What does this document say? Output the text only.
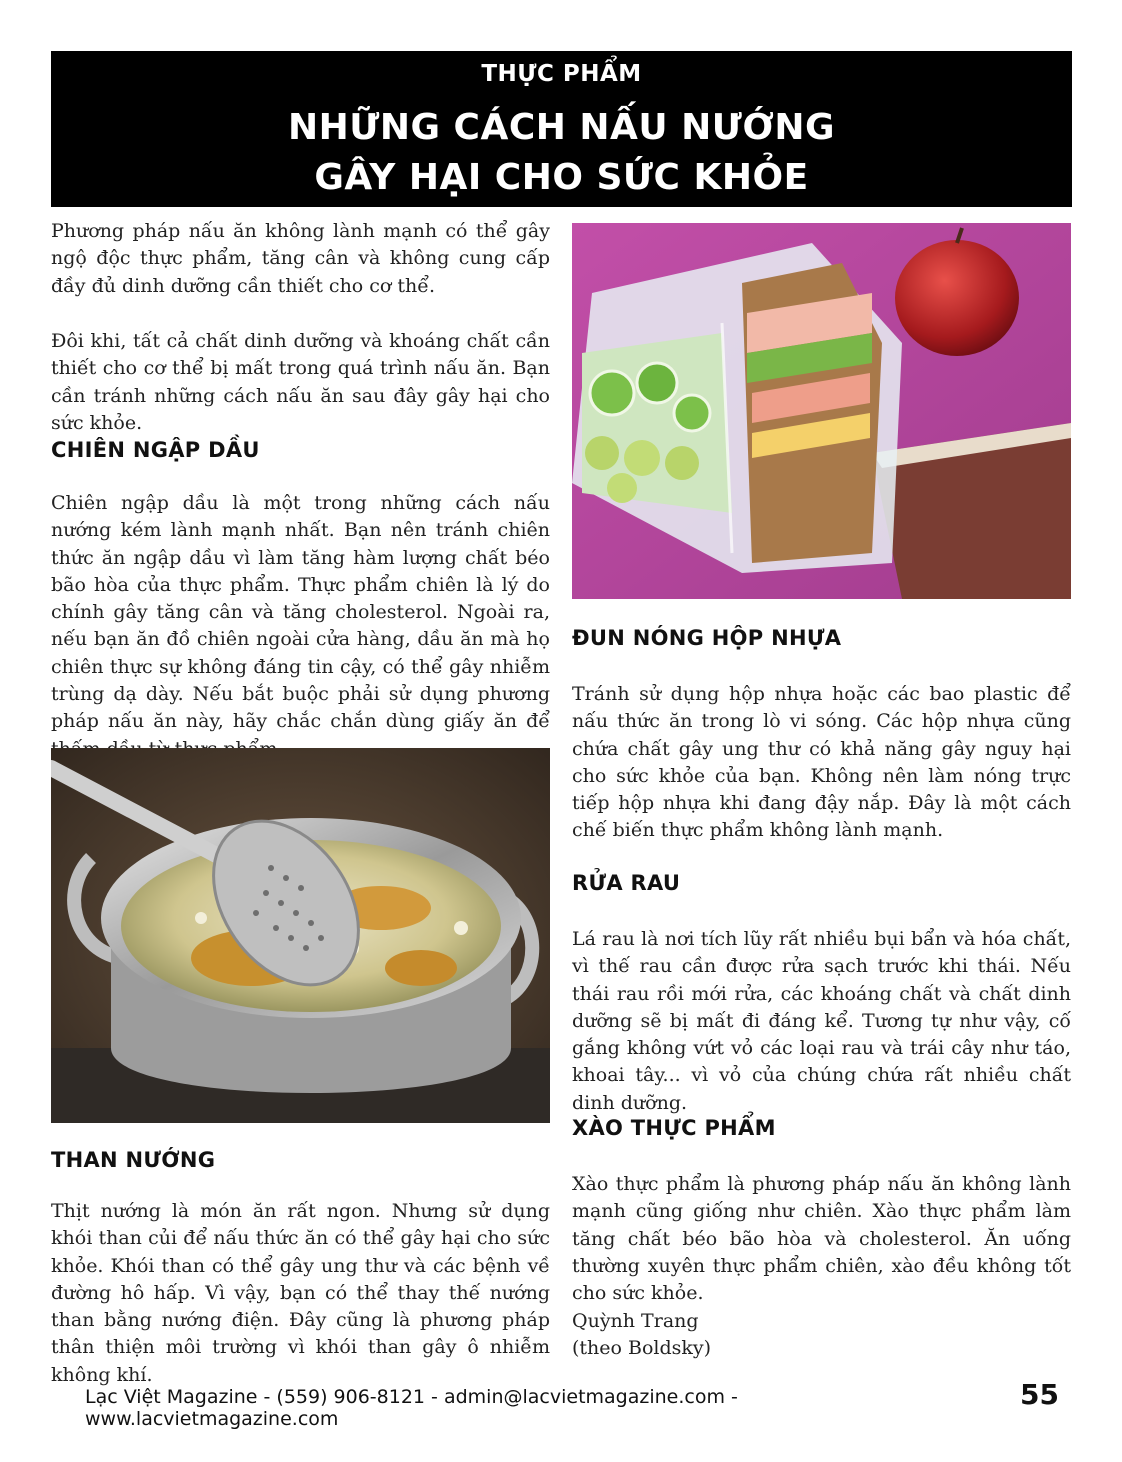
THỰC PHẨM
NHỮNG CÁCH NẤU NƯỚNG
GÂY HẠI CHO SỨC KHỎE

Phương pháp nấu ăn không lành mạnh có thể gây ngộ độc thực phẩm, tăng cân và không cung cấp đầy đủ dinh dưỡng cần thiết cho cơ thể.

Đôi khi, tất cả chất dinh dưỡng và khoáng chất cần thiết cho cơ thể bị mất trong quá trình nấu ăn. Bạn cần tránh những cách nấu ăn sau đây gây hại cho sức khỏe.

CHIÊN NGẬP DẦU

Chiên ngập dầu là một trong những cách nấu nướng kém lành mạnh nhất. Bạn nên tránh chiên thức ăn ngập dầu vì làm tăng hàm lượng chất béo bão hòa của thực phẩm. Thực phẩm chiên là lý do chính gây tăng cân và tăng cholesterol. Ngoài ra, nếu bạn ăn đồ chiên ngoài cửa hàng, dầu ăn mà họ chiên thực sự không đáng tin cậy, có thể gây nhiễm trùng dạ dày. Nếu bắt buộc phải sử dụng phương pháp nấu ăn này, hãy chắc chắn dùng giấy ăn để

THAN NƯỚNG

Thịt nướng là món ăn rất ngon. Nhưng sử dụng khói than củi để nấu thức ăn có thể gây hại cho sức khỏe. Khói than có thể gây ung thư và các bệnh về đường hô hấp. Vì vậy, bạn có thể thay thế nướng than bằng nướng điện. Đây cũng là phương pháp thân thiện môi trường vì khói than gây ô nhiễm không khí.

ĐUN NÓNG HỘP NHỰA

Tránh sử dụng hộp nhựa hoặc các bao plastic để nấu thức ăn trong lò vi sóng. Các hộp nhựa cũng chứa chất gây ung thư có khả năng gây nguy hại cho sức khỏe của bạn. Không nên làm nóng trực tiếp hộp nhựa khi đang đậy nắp. Đây là một cách chế biến thực phẩm không lành mạnh.

RỬA RAU

Lá rau là nơi tích lũy rất nhiều bụi bẩn và hóa chất, vì thế rau cần được rửa sạch trước khi thái. Nếu thái rau rồi mới rửa, các khoáng chất và chất dinh dưỡng sẽ bị mất đi đáng kể. Tương tự như vậy, cố gắng không vứt vỏ các loại rau và trái cây như táo, khoai tây... vì vỏ của chúng chứa rất nhiều chất dinh dưỡng.

XÀO THỰC PHẨM

Xào thực phẩm là phương pháp nấu ăn không lành mạnh cũng giống như chiên. Xào thực phẩm làm tăng chất béo bão hòa và cholesterol. Ăn uống thường xuyên thực phẩm chiên, xào đều không tốt cho sức khỏe.

Quỳnh Trang

(theo Boldsky)

Lạc Việt Magazine - (559) 906-8121 - admin@lacvietmagazine.com - www.lacvietmagazine.com
55
